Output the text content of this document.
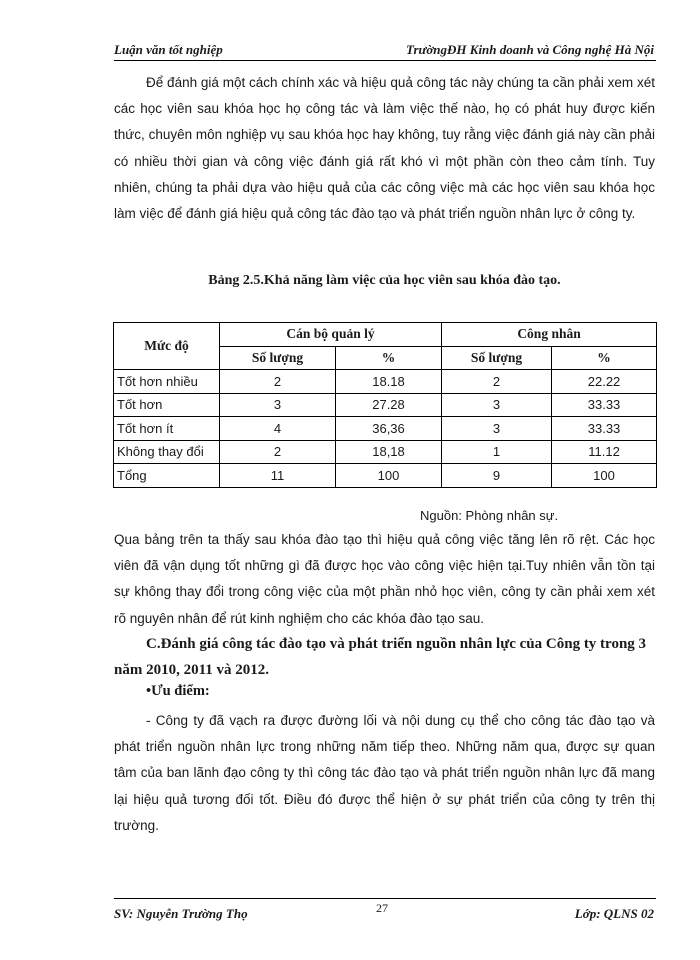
Luận văn tốt nghiệp	TrườngĐH Kinh doanh và Công nghệ Hà Nội

Để đánh giá một cách chính xác và hiệu quả công tác này chúng ta cần phải xem xét các học viên sau khóa học họ công tác và làm việc thế nào, họ có phát huy được kiến thức, chuyên môn nghiệp vụ sau khóa học hay không, tuy rằng việc đánh giá này cần phải có nhiều thời gian và công việc đánh giá rất khó vì một phần còn theo cảm tính. Tuy nhiên, chúng ta phải dựa vào hiệu quả của các công việc mà các học viên sau khóa học làm việc để đánh giá hiệu quả công tác đào tạo và phát triển nguồn nhân lực ở công ty.

Bảng 2.5.Khả năng làm việc của học viên sau khóa đào tạo.
Mức độ	Cán bộ quản lý		Công nhân	
	Số lượng	%	Số lượng	%
Tốt hơn nhiều	2	18.18	2	22.22
Tốt hơn	3	27.28	3	33.33
Tốt hơn ít	4	36,36	3	33.33
Không thay đổi	2	18,18	1	11.12
Tổng	11	100	9	100
Nguồn: Phòng nhân sự.

Qua bảng trên ta thấy sau khóa đào tạo thì hiệu quả công việc tăng lên rõ rệt. Các học viên đã vận dụng tốt những gì đã được học vào công việc hiện tại.Tuy nhiên vẫn tồn tại sự không thay đổi trong công việc của một phần nhỏ học viên, công ty cần phải xem xét rõ nguyên nhân để rút kinh nghiệm cho các khóa đào tạo sau.

C.Đánh giá công tác đào tạo và phát triển nguồn nhân lực của Công ty trong 3 năm 2010, 2011 và 2012.

•Ưu điểm:

- Công ty đã vạch ra được đường lối và nội dung cụ thể cho công tác đào tạo và phát triển nguồn nhân lực trong những năm tiếp theo. Những năm qua, được sự quan tâm của ban lãnh đạo công ty thì công tác đào tạo và phát triển nguồn nhân lực đã mang lại hiệu quả tương đối tốt. Điều đó được thể hiện ở sự phát triển của công ty trên thị trường.

SV: Nguyễn Trường Thọ	27	Lớp: QLNS 02
